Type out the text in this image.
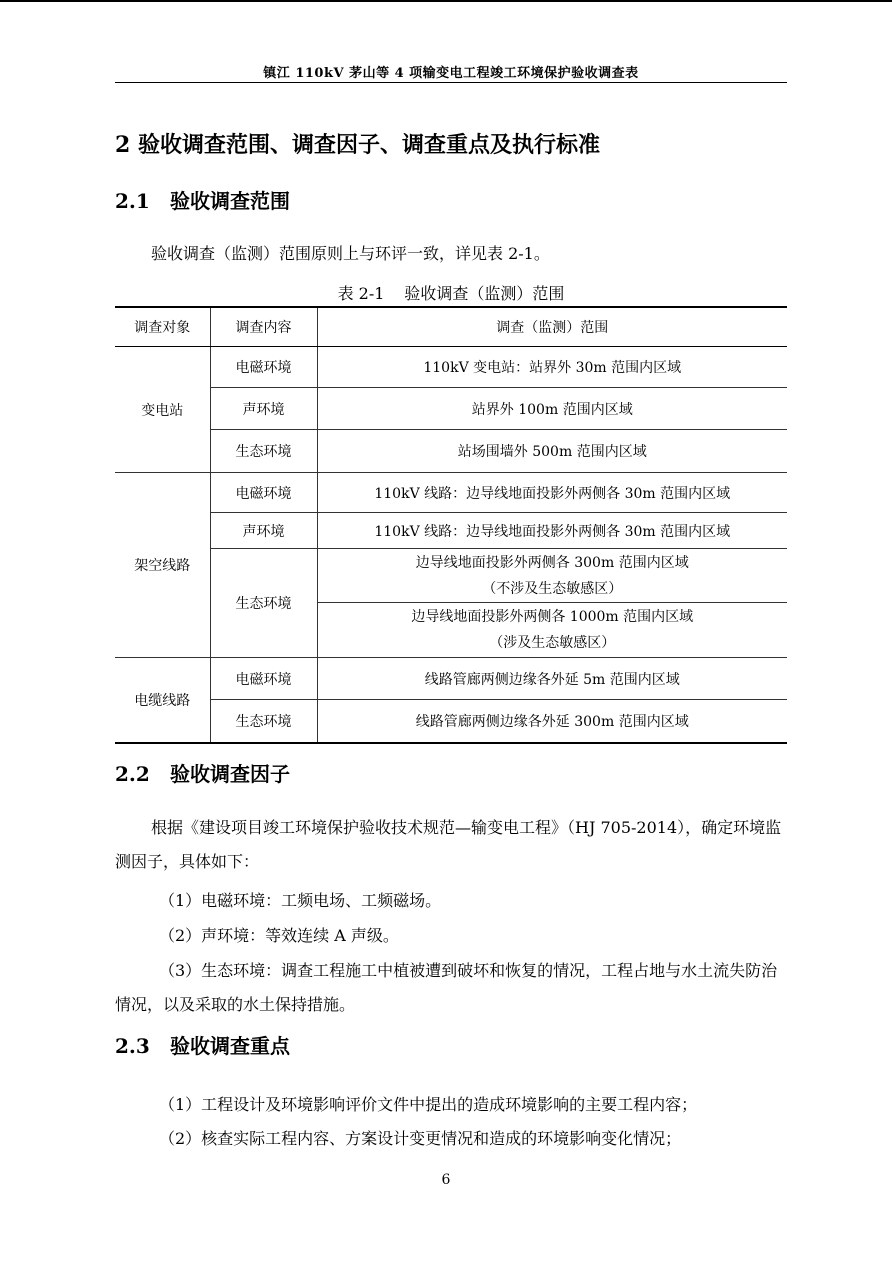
镇江 110kV 茅山等 4 项输变电工程竣工环境保护验收调查表
2 验收调查范围、调查因子、调查重点及执行标准
2.1 验收调查范围
验收调查（监测）范围原则上与环评一致，详见表 2-1。
表 2-1 验收调查（监测）范围
调查对象	调查内容	调查（监测）范围
变电站	电磁环境	110kV 变电站：站界外 30m 范围内区域
	声环境	站界外 100m 范围内区域
	生态环境	站场围墙外 500m 范围内区域
架空线路	电磁环境	110kV 线路：边导线地面投影外两侧各 30m 范围内区域
	声环境	110kV 线路：边导线地面投影外两侧各 30m 范围内区域
	生态环境	边导线地面投影外两侧各 300m 范围内区域
（不涉及生态敏感区）

		边导线地面投影外两侧各 1000m 范围内区域
（涉及生态敏感区）

电缆线路	电磁环境	线路管廊两侧边缘各外延 5m 范围内区域
	生态环境	线路管廊两侧边缘各外延 300m 范围内区域
2.2 验收调查因子
根据《建设项目竣工环境保护验收技术规范—输变电工程》（HJ 705-2014），确定环境监测因子，具体如下：
（1）电磁环境：工频电场、工频磁场。
（2）声环境：等效连续 A 声级。
（3）生态环境：调查工程施工中植被遭到破坏和恢复的情况，工程占地与水土流失防治情况，以及采取的水土保持措施。
2.3 验收调查重点
（1）工程设计及环境影响评价文件中提出的造成环境影响的主要工程内容；
（2）核查实际工程内容、方案设计变更情况和造成的环境影响变化情况；
6
